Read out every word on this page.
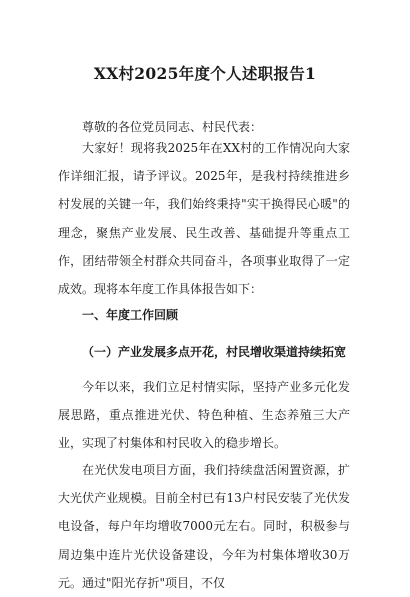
XX村2025年度个人述职报告1
尊敬的各位党员同志、村民代表：
大家好！现将我2025年在XX村的工作情况向大家作详细汇报，请予评议。2025年，是我村持续推进乡村发展的关键一年，我们始终秉持"实干换得民心暖"的理念，聚焦产业发展、民生改善、基础提升等重点工作，团结带领全村群众共同奋斗，各项事业取得了一定成效。现将本年度工作具体报告如下：
一、年度工作回顾
（一）产业发展多点开花，村民增收渠道持续拓宽
今年以来，我们立足村情实际，坚持产业多元化发展思路，重点推进光伏、特色种植、生态养殖三大产业，实现了村集体和村民收入的稳步增长。
在光伏发电项目方面，我们持续盘活闲置资源，扩大光伏产业规模。目前全村已有13户村民安装了光伏发电设备，每户年均增收7000元左右。同时，积极参与周边集中连片光伏设备建设，今年为村集体增收30万元。通过"阳光存折"项目，不仅
